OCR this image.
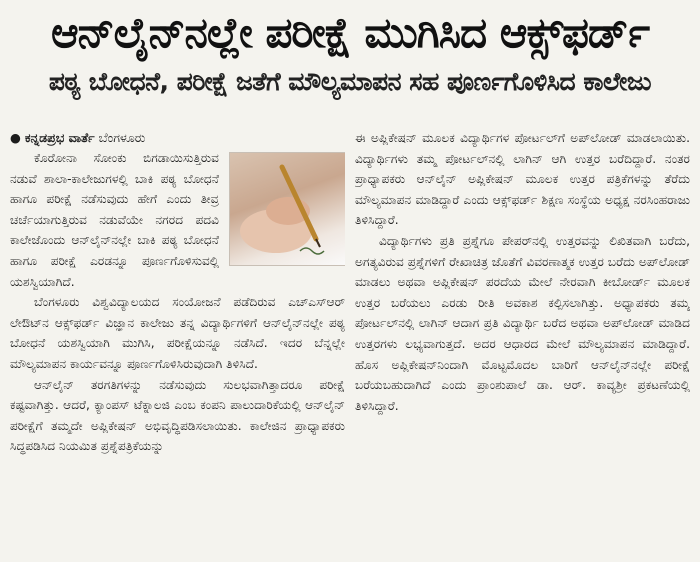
ಆನ್‌ಲೈನ್‌ನಲ್ಲೇ ಪರೀಕ್ಷೆ ಮುಗಿಸಿದ ಆಕ್ಸ್‌ಫರ್ಡ್
ಪಠ್ಯ ಬೋಧನೆ, ಪರೀಕ್ಷೆ ಜತೆಗೆ ಮೌಲ್ಯಮಾಪನ ಸಹ ಪೂರ್ಣಗೊಳಿಸಿದ ಕಾಲೇಜು

● ಕನ್ನಡಪ್ರಭ ವಾರ್ತೆ ಬೆಂಗಳೂರು

ಕೊರೋನಾ ಸೋಂಕು ಬಿಗಡಾಯಿಸುತ್ತಿರುವ ನಡುವೆ ಶಾಲಾ-ಕಾಲೇಜುಗಳಲ್ಲಿ ಬಾಕಿ ಪಠ್ಯ ಬೋಧನೆ ಹಾಗೂ ಪರೀಕ್ಷೆ ನಡೆಸುವುದು ಹೇಗೆ ಎಂದು ತೀವ್ರ ಚರ್ಚೆಯಾಗುತ್ತಿರುವ ನಡುವೆಯೇ ನಗರದ ಪದವಿ ಕಾಲೇಜೊಂದು ಆನ್‌ಲೈನ್‌ನಲ್ಲೇ ಬಾಕಿ ಪಠ್ಯ ಬೋಧನೆ ಹಾಗೂ ಪರೀಕ್ಷೆ ಎರಡನ್ನೂ ಪೂರ್ಣಗೊಳಿಸುವಲ್ಲಿ ಯಶಸ್ವಿಯಾಗಿದೆ.

ಬೆಂಗಳೂರು ವಿಶ್ವವಿದ್ಯಾಲಯದ ಸಂಯೋಜನೆ ಪಡೆದಿರುವ ಎಚ್‌ಎಸ್‌ಆರ್ ಲೇಔಟ್‌ನ ಆಕ್ಸ್‌ಫರ್ಡ್ ವಿಜ್ಞಾನ ಕಾಲೇಜು ತನ್ನ ವಿದ್ಯಾರ್ಥಿಗಳಿಗೆ ಆನ್‌ಲೈನ್‌ನಲ್ಲೇ ಪಠ್ಯ ಬೋಧನೆ ಯಶಸ್ವಿಯಾಗಿ ಮುಗಿಸಿ, ಪರೀಕ್ಷೆಯನ್ನೂ ನಡೆಸಿದೆ. ಇದರ ಬೆನ್ನಲ್ಲೇ ಮೌಲ್ಯಮಾಪನ ಕಾರ್ಯವನ್ನೂ ಪೂರ್ಣಗೊಳಿಸಿರುವುದಾಗಿ ತಿಳಿಸಿದೆ.

ಆನ್‌ಲೈನ್ ತರಗತಿಗಳನ್ನು ನಡೆಸುವುದು ಸುಲಭವಾಗಿತ್ತಾದರೂ ಪರೀಕ್ಷೆ ಕಷ್ಟವಾಗಿತ್ತು. ಆದರೆ, ಕ್ಯಾಂಪಸ್ ಟೆಕ್ನಾಲಜಿ ಎಂಬ ಕಂಪನಿ ಪಾಲುದಾರಿಕೆಯಲ್ಲಿ ಆನ್‌ಲೈನ್ ಪರೀಕ್ಷೆಗೆ ತಮ್ಮದೇ ಅಪ್ಲಿಕೇಷನ್ ಅಭಿವೃದ್ಧಿಪಡಿಸಲಾಯಿತು. ಕಾಲೇಜಿನ ಪ್ರಾಧ್ಯಾಪಕರು ಸಿದ್ಧಪಡಿಸಿದ ನಿಯಮಿತ ಪ್ರಶ್ನೆಪತ್ರಿಕೆಯನ್ನು

ಈ ಅಪ್ಲಿಕೇಷನ್ ಮೂಲಕ ವಿದ್ಯಾರ್ಥಿಗಳ ಪೋರ್ಟಲ್‌ಗೆ ಅಪ್‌ಲೋಡ್ ಮಾಡಲಾಯಿತು. ವಿದ್ಯಾರ್ಥಿಗಳು ತಮ್ಮ ಪೋರ್ಟಲ್‌ನಲ್ಲಿ ಲಾಗಿನ್ ಆಗಿ ಉತ್ತರ ಬರೆದಿದ್ದಾರೆ. ನಂತರ ಪ್ರಾಧ್ಯಾಪಕರು ಆನ್‌ಲೈನ್ ಅಪ್ಲಿಕೇಷನ್ ಮೂಲಕ ಉತ್ತರ ಪತ್ರಿಕೆಗಳನ್ನು ತೆರೆದು ಮೌಲ್ಯಮಾಪನ ಮಾಡಿದ್ದಾರೆ ಎಂದು ಆಕ್ಸ್‌ಫರ್ಡ್ ಶಿಕ್ಷಣ ಸಂಸ್ಥೆಯ ಅಧ್ಯಕ್ಷ ನರಸಿಂಹರಾಜು ತಿಳಿಸಿದ್ದಾರೆ.

ವಿದ್ಯಾರ್ಥಿಗಳು ಪ್ರತಿ ಪ್ರಶ್ನೆಗೂ ಪೇಪರ್‌ನಲ್ಲಿ ಉತ್ತರವನ್ನು ಲಿಖಿತವಾಗಿ ಬರೆದು, ಅಗತ್ಯವಿರುವ ಪ್ರಶ್ನೆಗಳಿಗೆ ರೇಖಾಚಿತ್ರ ಜೊತೆಗೆ ವಿವರಣಾತ್ಮಕ ಉತ್ತರ ಬರೆದು ಅಪ್‌ಲೋಡ್ ಮಾಡಲು ಅಥವಾ ಅಪ್ಲಿಕೇಷನ್ ಪರದೆಯ ಮೇಲೆ ನೇರವಾಗಿ ಕೀಬೋರ್ಡ್ ಮೂಲಕ ಉತ್ತರ ಬರೆಯಲು ಎರಡು ರೀತಿ ಅವಕಾಶ ಕಲ್ಪಿಸಲಾಗಿತ್ತು. ಅಧ್ಯಾಪಕರು ತಮ್ಮ ಪೋರ್ಟಲ್‌ನಲ್ಲಿ ಲಾಗಿನ್ ಆದಾಗ ಪ್ರತಿ ವಿದ್ಯಾರ್ಥಿ ಬರೆದ ಅಥವಾ ಅಪ್‌ಲೋಡ್ ಮಾಡಿದ ಉತ್ತರಗಳು ಲಭ್ಯವಾಗುತ್ತದೆ. ಅದರ ಆಧಾರದ ಮೇಲೆ ಮೌಲ್ಯಮಾಪನ ಮಾಡಿದ್ದಾರೆ. ಹೊಸ ಅಪ್ಲಿಕೇಷನ್‌ನಿಂದಾಗಿ ಮೊಟ್ಟಮೊದಲ ಬಾರಿಗೆ ಆನ್‌ಲೈನ್‌ನಲ್ಲೇ ಪರೀಕ್ಷೆ ಬರೆಯಬಹುದಾಗಿದೆ ಎಂದು ಪ್ರಾಂಶುಪಾಲೆ ಡಾ. ಆರ್. ಕಾವ್ಯಶ್ರೀ ಪ್ರಕಟಣೆಯಲ್ಲಿ ತಿಳಿಸಿದ್ದಾರೆ.
